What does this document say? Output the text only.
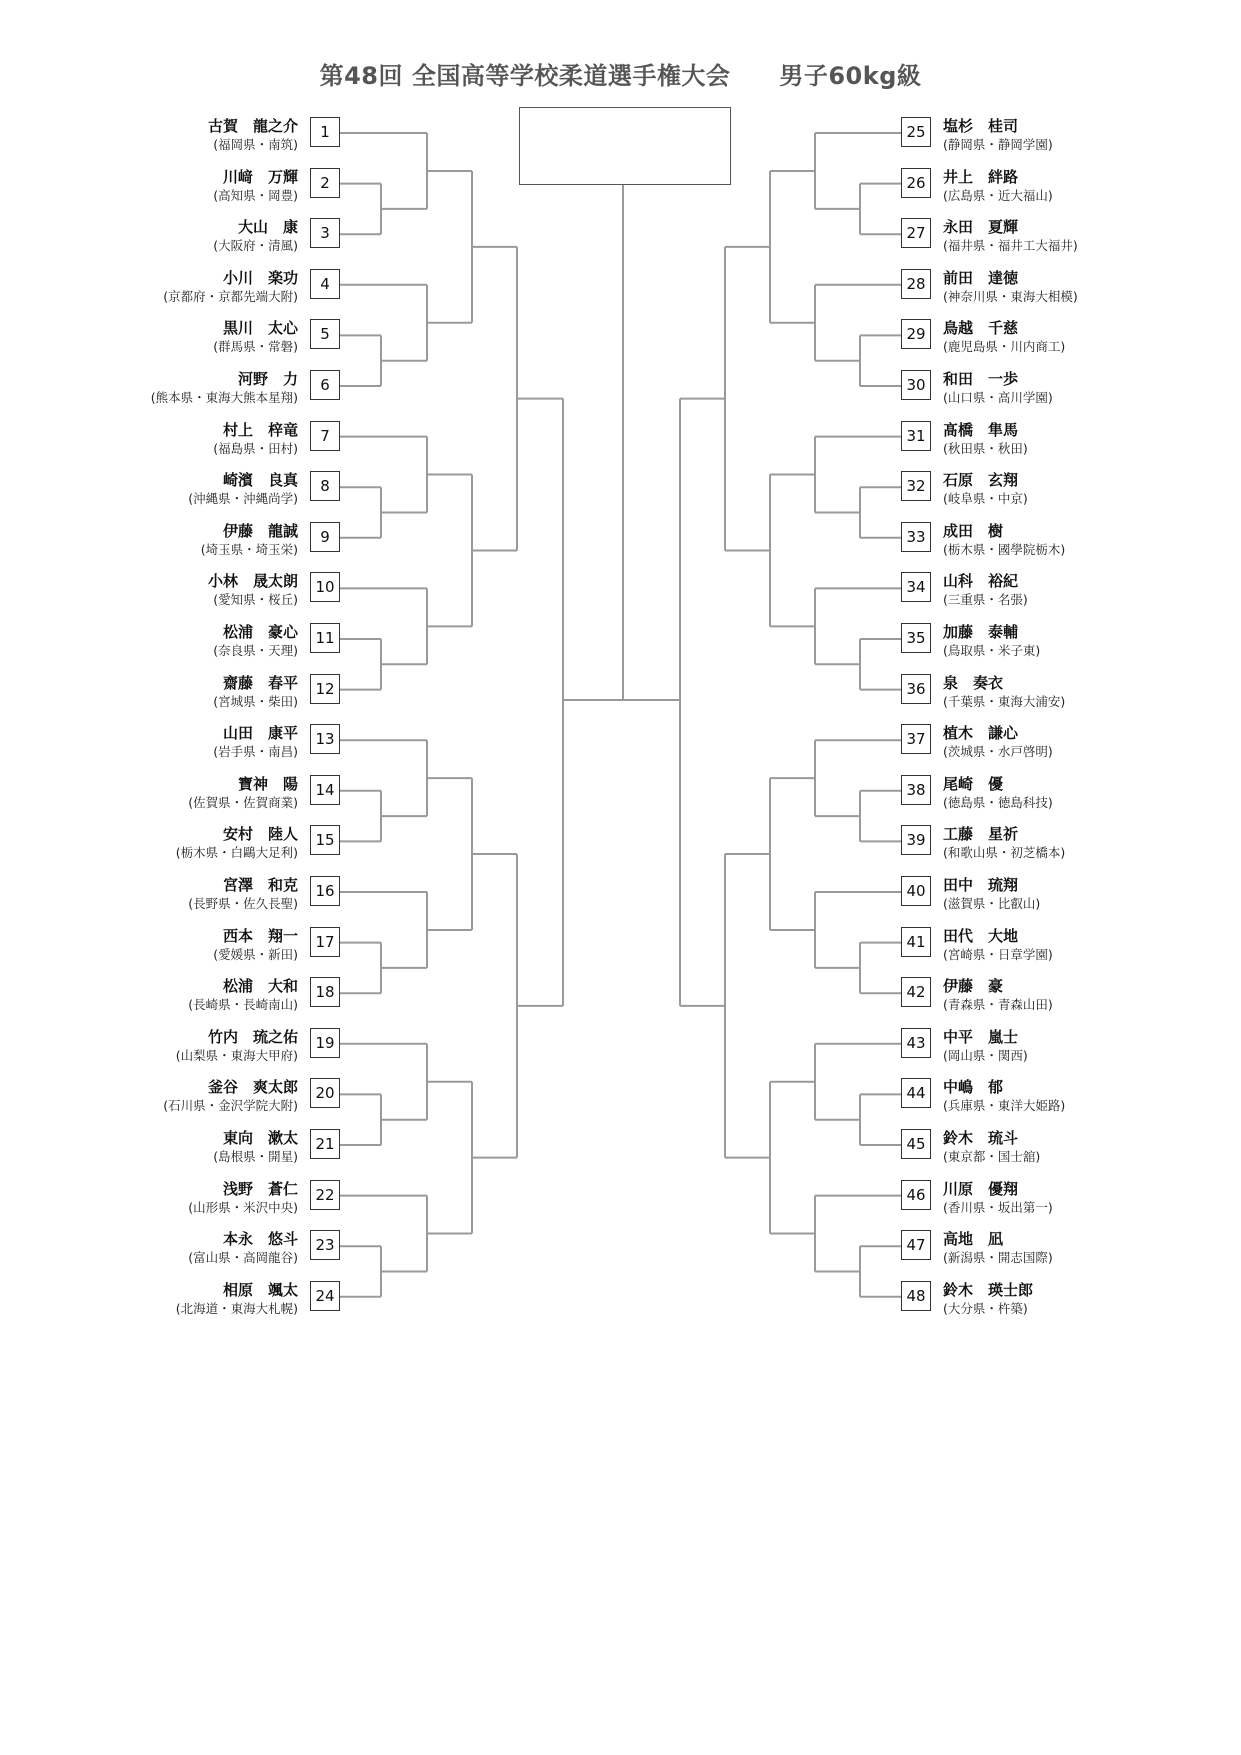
第48回 全国高等学校柔道選手権大会　　男子60kg級
古賀　龍之介
(福岡県・南筑)
1
川﨑　万輝
(高知県・岡豊)
2
大山　康
(大阪府・清風)
3
小川　楽功
(京都府・京都先端大附)
4
黒川　太心
(群馬県・常磐)
5
河野　力
(熊本県・東海大熊本星翔)
6
村上　梓竜
(福島県・田村)
7
崎濱　良真
(沖縄県・沖縄尚学)
8
伊藤　龍誠
(埼玉県・埼玉栄)
9
小林　晟太朗
(愛知県・桜丘)
10
松浦　豪心
(奈良県・天理)
11
齋藤　春平
(宮城県・柴田)
12
山田　康平
(岩手県・南昌)
13
寶神　陽
(佐賀県・佐賀商業)
14
安村　陸人
(栃木県・白鷗大足利)
15
宮澤　和克
(長野県・佐久長聖)
16
西本　翔一
(愛媛県・新田)
17
松浦　大和
(長崎県・長崎南山)
18
竹内　琉之佑
(山梨県・東海大甲府)
19
釜谷　爽太郎
(石川県・金沢学院大附)
20
東向　漱太
(島根県・開星)
21
浅野　蒼仁
(山形県・米沢中央)
22
本永　悠斗
(富山県・高岡龍谷)
23
相原　颯太
(北海道・東海大札幌)
24
塩杉　桂司
(静岡県・静岡学園)
25
井上　絆路
(広島県・近大福山)
26
永田　夏輝
(福井県・福井工大福井)
27
前田　達徳
(神奈川県・東海大相模)
28
鳥越　千慈
(鹿児島県・川内商工)
29
和田　一歩
(山口県・高川学園)
30
髙橋　隼馬
(秋田県・秋田)
31
石原　玄翔
(岐阜県・中京)
32
成田　樹
(栃木県・國學院栃木)
33
山科　裕紀
(三重県・名張)
34
加藤　泰輔
(鳥取県・米子東)
35
泉　奏衣
(千葉県・東海大浦安)
36
植木　謙心
(茨城県・水戸啓明)
37
尾崎　優
(徳島県・徳島科技)
38
工藤　星祈
(和歌山県・初芝橋本)
39
田中　琉翔
(滋賀県・比叡山)
40
田代　大地
(宮崎県・日章学園)
41
伊藤　豪
(青森県・青森山田)
42
中平　嵐士
(岡山県・関西)
43
中嶋　郁
(兵庫県・東洋大姫路)
44
鈴木　琉斗
(東京都・国士舘)
45
川原　優翔
(香川県・坂出第一)
46
高地　凪
(新潟県・開志国際)
47
鈴木　瑛士郎
(大分県・杵築)
48
